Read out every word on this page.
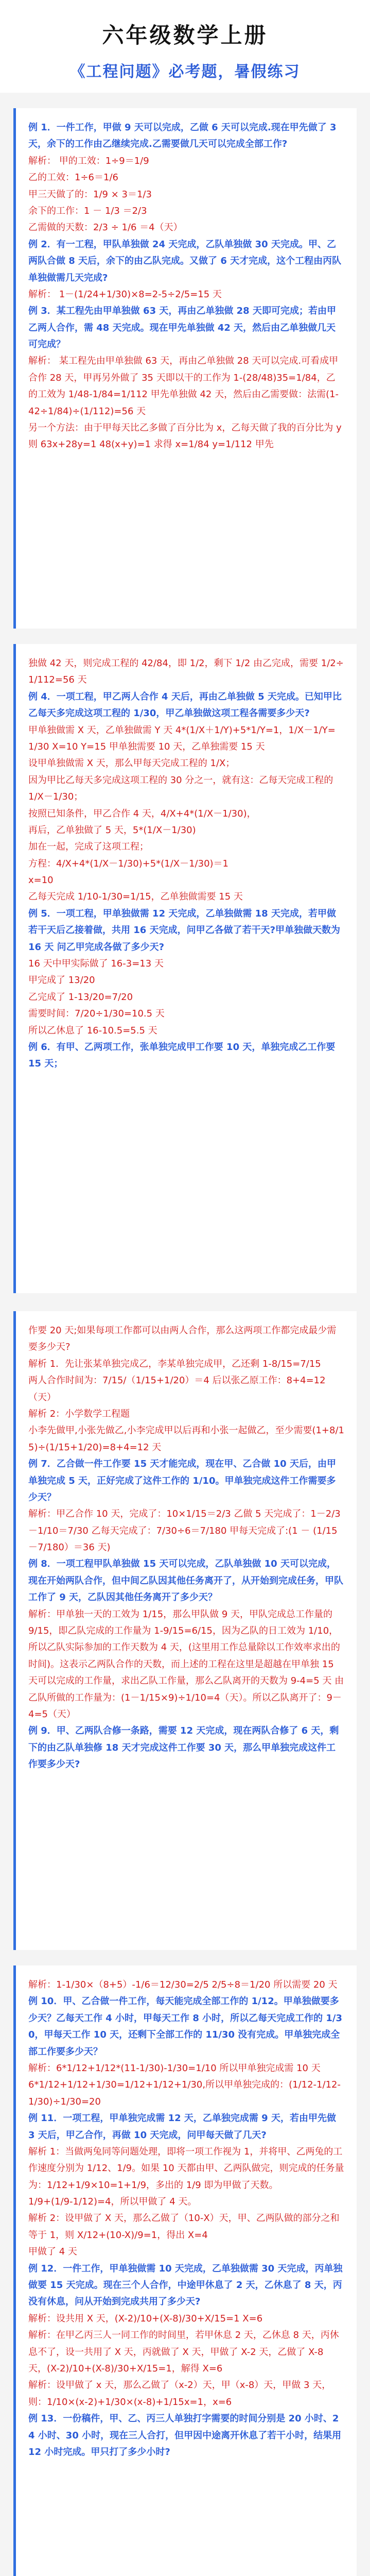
六年级数学上册
《工程问题》必考题，暑假练习

例 1．一件工作，甲做 9 天可以完成，乙做 6 天可以完成.现在甲先做了 3 天，余下的工作由乙继续完成.乙需要做几天可以完成全部工作?

解析： 甲的工效：1÷9＝1/9

乙的工效：1÷6＝1/6

甲三天做了的：1/9 × 3＝1/3

余下的工作：1 － 1/3 ＝2/3

乙需做的天数：2/3 ÷ 1/6 ＝4（天）

例 2．有一工程，甲队单独做 24 天完成，乙队单独做 30 天完成。甲、乙两队合做 8 天后，余下的由乙队完成。又做了 6 天才完成，这个工程由丙队单独做需几天完成?

解析： 1－(1/24+1/30)×8=2-5÷2/5=15 天

例 3．某工程先由甲单独做 63 天，再由乙单独做 28 天即可完成；若由甲乙两人合作，需 48 天完成。现在甲先单独做 42 天，然后由乙单独做几天可完成？

解析： 某工程先由甲单独做 63 天，再由乙单独做 28 天可以完成.可看成甲合作 28 天，甲再另外做了 35 天即以干的工作为 1-(28/48)35=1/84，乙的工效为 1/48-1/84=1/112 甲先单独做 42 天，然后由乙需要做：法需(1-42÷1/84)÷(1/112)=56 天

另一个方法：由于甲每天比乙多做了百分比为 x，乙每天做了我的百分比为 y 则 63x+28y=1 48(x+y)=1 求得 x=1/84 y=1/112 甲先

独做 42 天，则完成工程的 42/84，即 1/2，剩下 1/2 由乙完成，需要 1/2÷1/112=56 天

例 4．一项工程，甲乙两人合作 4 天后，再由乙单独做 5 天完成。已知甲比乙每天多完成这项工程的 1/30，甲乙单独做这项工程各需要多少天?

甲单独做需 X 天，乙单独做需 Y 天 4*(1/X＋1/Y)+5*1/Y=1，1/X－1/Y=1/30 X=10 Y=15 甲单独需要 10 天，乙单独需要 15 天

设甲单独做需 X 天，那么甲每天完成工程的 1/X；

因为甲比乙每天多完成这项工程的 30 分之一，就有这：乙每天完成工程的 1/X－1/30；

按照已知条件，甲乙合作 4 天，4/X+4*(1/X－1/30)，

再后，乙单独做了 5 天，5*(1/X－1/30)

加在一起，完成了这项工程；

方程：4/X+4*(1/X－1/30)+5*(1/X－1/30)＝1

x=10

乙每天完成 1/10-1/30=1/15，乙单独做需要 15 天

例 5．一项工程，甲单独做需 12 天完成，乙单独做需 18 天完成，若甲做若干天后乙接着做，共用 16 天完成，问甲乙各做了若干天?甲单独做天数为 16 天 问乙甲完成各做了多少天?

16 天中甲实际做了 16-3=13 天

甲完成了 13/20

乙完成了 1-13/20=7/20

需要时间：7/20÷1/30=10.5 天

所以乙休息了 16-10.5=5.5 天

例 6．有甲、乙两项工作，张单独完成甲工作要 10 天，单独完成乙工作要 15 天；

作要 20 天;如果每项工作都可以由两人合作，那么这两项工作都完成最少需要多少天?

解析 1．先让张某单独完成乙，李某单独完成甲，乙还剩 1-8/15=7/15

两人合作时间为：7/15/（1/15+1/20）＝4 后以张乙原工作：8+4=12（天）

解析 2：小学数学工程题

小李先做甲,小张先做乙,小李完成甲以后再和小张一起做乙，至少需要(1+8/15)÷(1/15+1/20)=8+4=12 天

例 7．乙合做一件工作要 15 天才能完成，现在甲、乙合做 10 天后，由甲单独完成 5 天，正好完成了这件工作的 1/10。甲单独完成这件工作需要多少天？

解析：甲乙合作 10 天，完成了：10×1/15＝2/3 乙做 5 天完成了：1－2/3－1/10＝7/30 乙每天完成了：7/30÷6＝7/180 甲每天完成了:(1 － (1/15－7/180）＝36 天)

例 8．一项工程甲队单独做 15 天可以完成，乙队单独做 10 天可以完成，现在开始两队合作，但中间乙队因其他任务离开了，从开始到完成任务，甲队工作了 9 天，乙队因其他任务离开了多少天？

解析：甲单独一天的工效为 1/15，那么甲队做 9 天，甲队完成总工作量的 9/15，即乙队完成的工作量为 1-9/15=6/15，因为乙队的日工效为 1/10，所以乙队实际参加的工作天数为 4 天，(这里用工作总量除以工作效率求出的时间)。这表示乙两队合作的天数，而上述的工程在这里是超越在甲单独 15 天可以完成的工作量，求出乙队工作量，那么乙队离开的天数为 9-4=5 天 由乙队所做的工作量为：(1－1/15×9)÷1/10=4（天）。所以乙队离开了：9－4=5（天）

例 9．甲、乙两队合修一条路，需要 12 天完成，现在两队合修了 6 天，剩下的由乙队单独修 18 天才完成这件工作要 30 天，那么甲单独完成这件工作要多少天?

解析：1-1/30×（8+5）-1/6＝12/30=2/5 2/5÷8＝1/20 所以需要 20 天

例 10．甲、乙合做一件工作，每天能完成全部工作的 1/12。甲单独做要多少天？乙每天工作 4 小时，甲每天工作 8 小时，所以乙每天完成工作的 1/30，甲每天工作 10 天，还剩下全部工作的 11/30 没有完成。甲单独完成全部工作要多少天？

解析：6*1/12+1/12*(11-1/30)-1/30=1/10 所以甲单独完成需 10 天

6*1/12+1/12+1/30=1/12+1/12+1/30,所以甲单独完成的：(1/12-1/12-1/30)÷1/30=20

例 11．一项工程，甲单独完成需 12 天，乙单独完成需 9 天，若由甲先做 3 天后，甲乙合作，再做 10 天完成，问甲每天做了几天?

解析 1：当做两兔同等问题处理，即将一项工作视为 1，并将甲、乙两兔的工作速度分别为 1/12、1/9。如果 10 天都由甲、乙两队做完，则完成的任务量为：1/12+1/9×10=1+1/9，多出的 1/9 即为甲做了天数。

1/9+(1/9-1/12)=4，所以甲做了 4 天。

解析 2：设甲做了 X 天，那么乙做了（10-X）天，甲、乙两队做的部分之和等于 1，则 X/12+(10-X)/9=1，得出 X=4

甲做了 4 天

例 12．一件工作，甲单独做需 10 天完成，乙单独做需 30 天完成，丙单独做要 15 天完成。现在三个人合作，中途甲休息了 2 天，乙休息了 8 天，丙没有休息，问从开始到完成共用了多少天?

解析：设共用 X 天，(X-2)/10+(X-8)/30+X/15=1 X=6

解析：在甲乙丙三人一同工作的时间里，若甲休息 2 天，乙休息 8 天，丙休息不了，设一共用了 X 天，丙就做了 X 天，甲做了 X-2 天，乙做了 X-8 天，(X-2)/10+(X-8)/30+X/15=1，解得 X=6

解析：设甲做了 x 天，那么乙做了（x-2）天，甲（x-8）天，甲做 3 天，则：1/10×(x-2)+1/30×(x-8)+1/15x=1，x=6

例 13．一份稿件，甲、乙、丙三人单独打字需要的时间分别是 20 小时、24 小时、30 小时，现在三人合打，但甲因中途离开休息了若干小时，结果用 12 小时完成。甲只打了多少小时?
